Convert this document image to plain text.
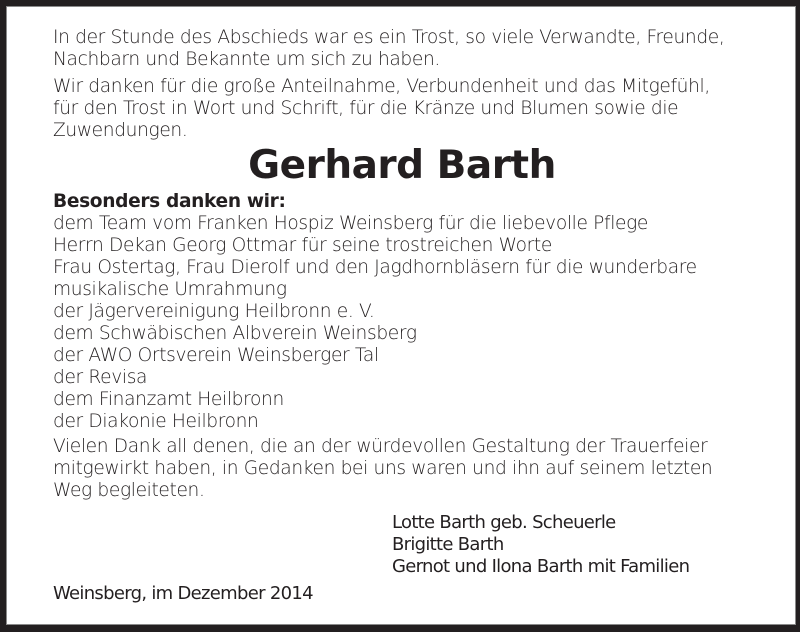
In der Stunde des Abschieds war es ein Trost, so viele Verwandte, Freunde,
Nachbarn und Bekannte um sich zu haben.
Wir danken für die große Anteilnahme, Verbundenheit und das Mitgefühl,
für den Trost in Wort und Schrift, für die Kränze und Blumen sowie die
Zuwendungen.
Gerhard Barth
Besonders danken wir:
dem Team vom Franken Hospiz Weinsberg für die liebevolle Pflege
Herrn Dekan Georg Ottmar für seine trostreichen Worte
Frau Ostertag, Frau Dierolf und den Jagdhornbläsern für die wunderbare
musikalische Umrahmung
der Jägervereinigung Heilbronn e. V.
dem Schwäbischen Albverein Weinsberg
der AWO Ortsverein Weinsberger Tal
der Revisa
dem Finanzamt Heilbronn
der Diakonie Heilbronn
Vielen Dank all denen, die an der würdevollen Gestaltung der Trauerfeier
mitgewirkt haben, in Gedanken bei uns waren und ihn auf seinem letzten
Weg begleiteten.
Lotte Barth geb. Scheuerle
Brigitte Barth
Gernot und Ilona Barth mit Familien
Weinsberg, im Dezember 2014
